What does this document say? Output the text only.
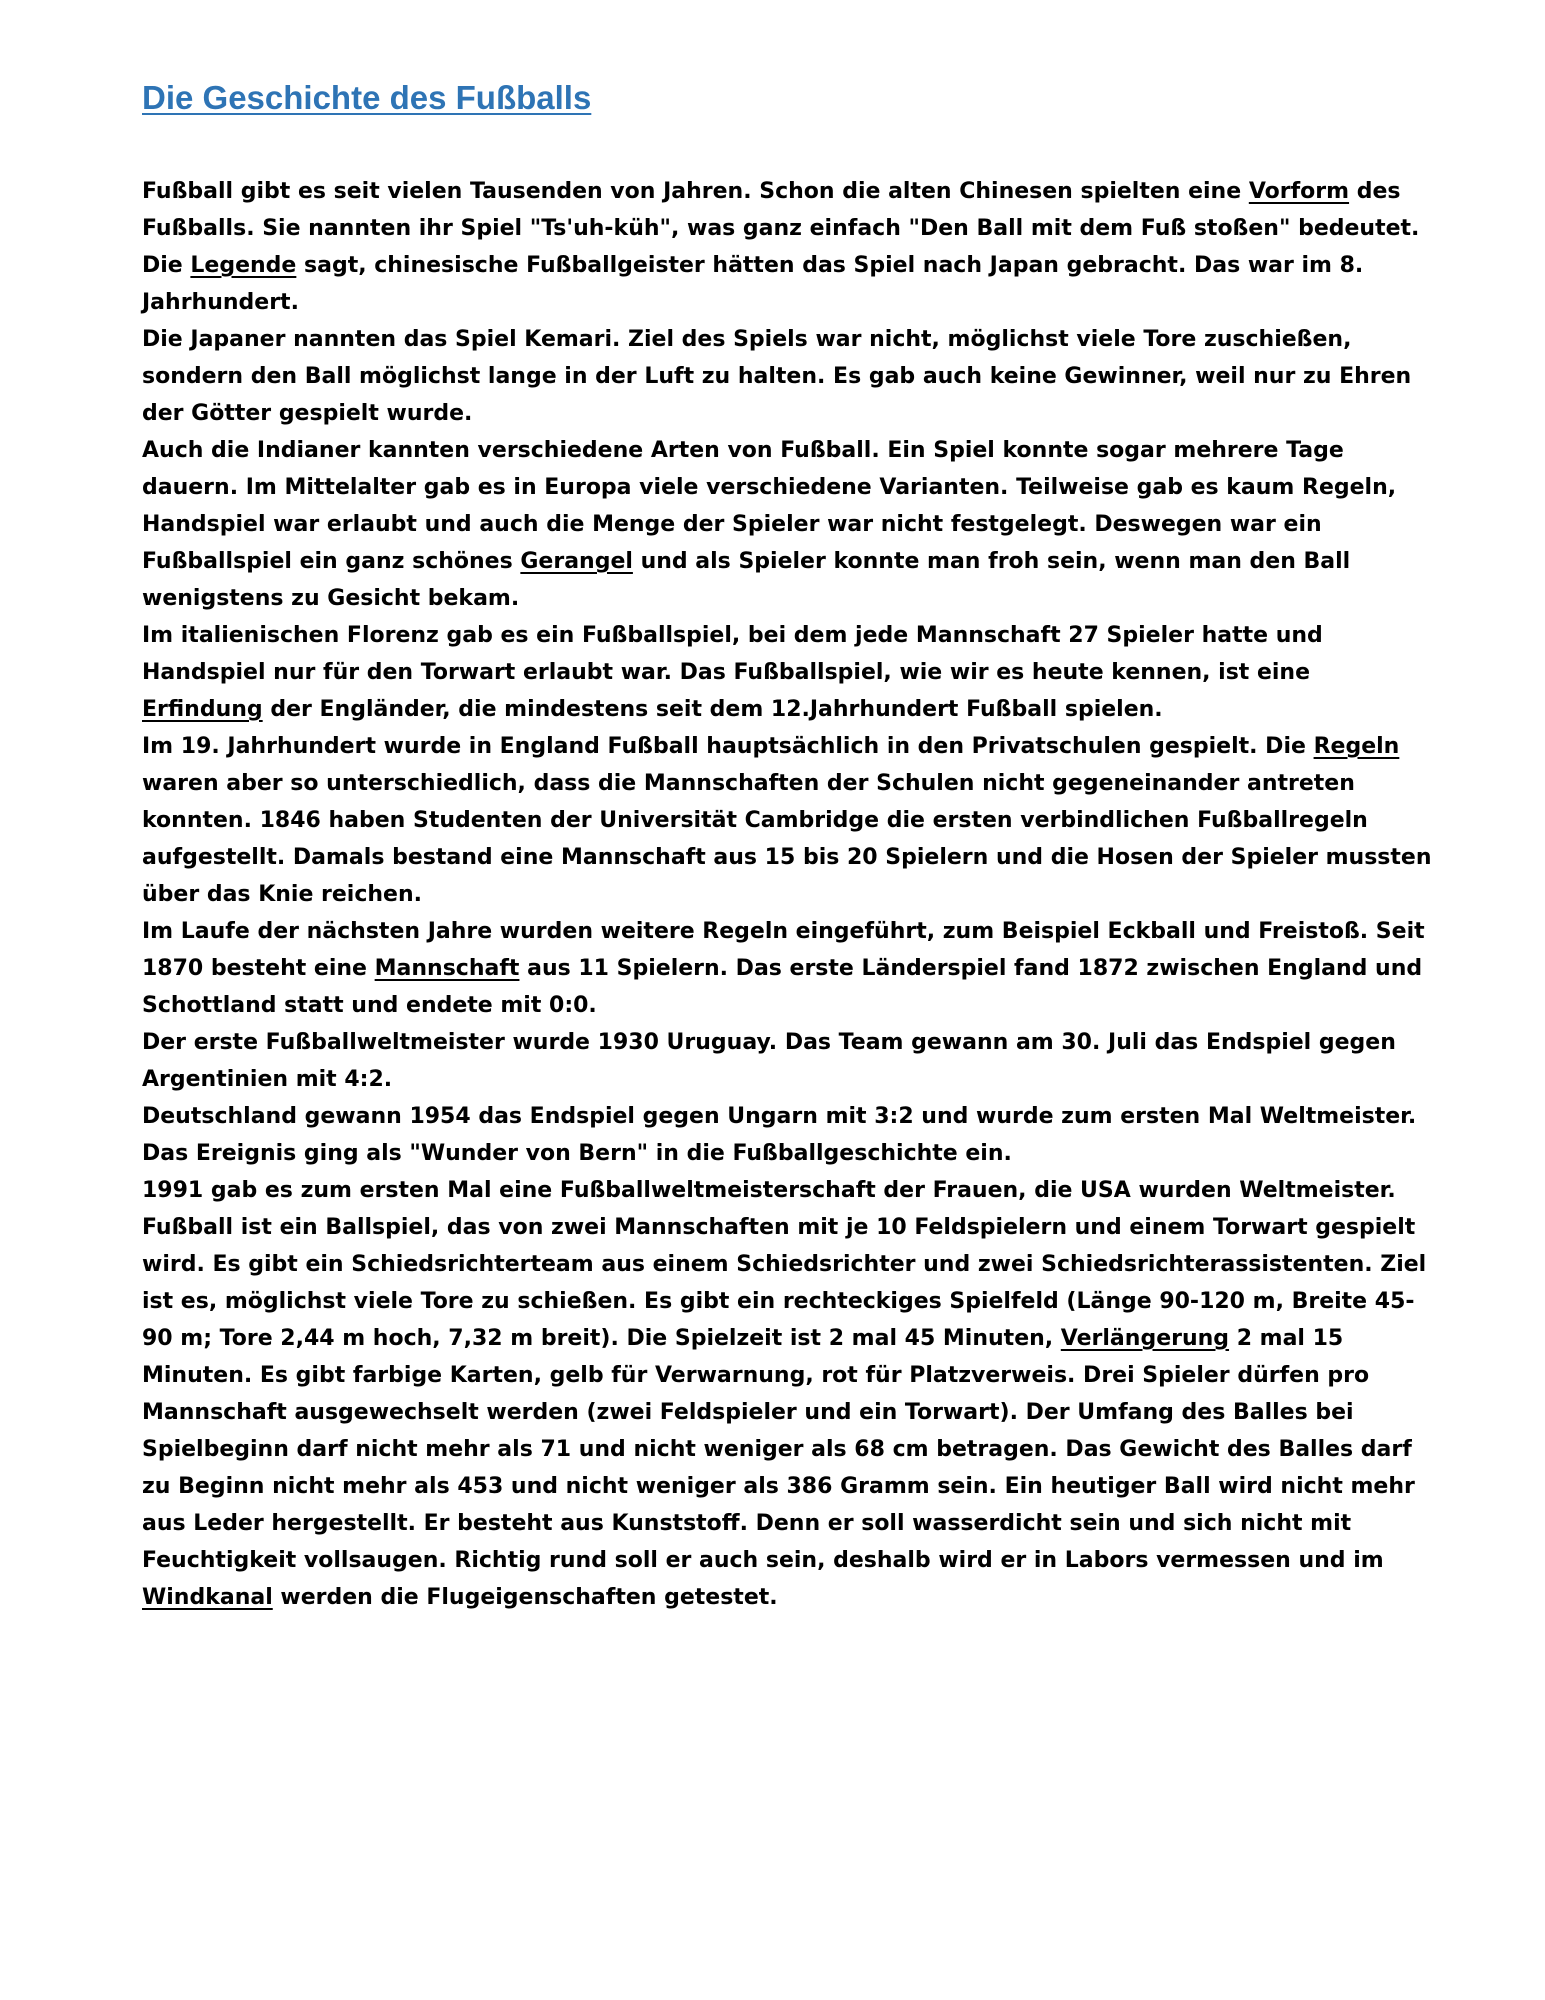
Die Geschichte des Fußballs

Fußball gibt es seit vielen Tausenden von Jahren. Schon die alten Chinesen spielten eine Vorform des Fußballs. Sie nannten ihr Spiel "Ts'uh-küh", was ganz einfach "Den Ball mit dem Fuß stoßen" bedeutet. Die Legende sagt, chinesische Fußballgeister hätten das Spiel nach Japan gebracht. Das war im 8. Jahrhundert.

Die Japaner nannten das Spiel Kemari. Ziel des Spiels war nicht, möglichst viele Tore zuschießen, sondern den Ball möglichst lange in der Luft zu halten. Es gab auch keine Gewinner, weil nur zu Ehren der Götter gespielt wurde.

Auch die Indianer kannten verschiedene Arten von Fußball. Ein Spiel konnte sogar mehrere Tage dauern. Im Mittelalter gab es in Europa viele verschiedene Varianten. Teilweise gab es kaum Regeln, Handspiel war erlaubt und auch die Menge der Spieler war nicht festgelegt. Deswegen war ein Fußballspiel ein ganz schönes Gerangel und als Spieler konnte man froh sein, wenn man den Ball wenigstens zu Gesicht bekam.

Im italienischen Florenz gab es ein Fußballspiel, bei dem jede Mannschaft 27 Spieler hatte und Handspiel nur für den Torwart erlaubt war. Das Fußballspiel, wie wir es heute kennen, ist eine Erfindung der Engländer, die mindestens seit dem 12.Jahrhundert Fußball spielen.

Im 19. Jahrhundert wurde in England Fußball hauptsächlich in den Privatschulen gespielt. Die Regeln waren aber so unterschiedlich, dass die Mannschaften der Schulen nicht gegeneinander antreten konnten. 1846 haben Studenten der Universität Cambridge die ersten verbindlichen Fußballregeln aufgestellt. Damals bestand eine Mannschaft aus 15 bis 20 Spielern und die Hosen der Spieler mussten über das Knie reichen.

Im Laufe der nächsten Jahre wurden weitere Regeln eingeführt, zum Beispiel Eckball und Freistoß. Seit 1870 besteht eine Mannschaft aus 11 Spielern. Das erste Länderspiel fand 1872 zwischen England und Schottland statt und endete mit 0:0.

Der erste Fußballweltmeister wurde 1930 Uruguay. Das Team gewann am 30. Juli das Endspiel gegen Argentinien mit 4:2.

Deutschland gewann 1954 das Endspiel gegen Ungarn mit 3:2 und wurde zum ersten Mal Weltmeister. Das Ereignis ging als "Wunder von Bern" in die Fußballgeschichte ein.

1991 gab es zum ersten Mal eine Fußballweltmeisterschaft der Frauen, die USA wurden Weltmeister.

Fußball ist ein Ballspiel, das von zwei Mannschaften mit je 10 Feldspielern und einem Torwart gespielt wird. Es gibt ein Schiedsrichterteam aus einem Schiedsrichter und zwei Schiedsrichterassistenten. Ziel ist es, möglichst viele Tore zu schießen. Es gibt ein rechteckiges Spielfeld (Länge 90-120 m, Breite 45-90 m; Tore 2,44 m hoch, 7,32 m breit). Die Spielzeit ist 2 mal 45 Minuten, Verlängerung 2 mal 15 Minuten. Es gibt farbige Karten, gelb für Verwarnung, rot für Platzverweis. Drei Spieler dürfen pro Mannschaft ausgewechselt werden (zwei Feldspieler und ein Torwart). Der Umfang des Balles bei Spielbeginn darf nicht mehr als 71 und nicht weniger als 68 cm betragen. Das Gewicht des Balles darf zu Beginn nicht mehr als 453 und nicht weniger als 386 Gramm sein. Ein heutiger Ball wird nicht mehr aus Leder hergestellt. Er besteht aus Kunststoff. Denn er soll wasserdicht sein und sich nicht mit Feuchtigkeit vollsaugen. Richtig rund soll er auch sein, deshalb wird er in Labors vermessen und im Windkanal werden die Flugeigenschaften getestet.
